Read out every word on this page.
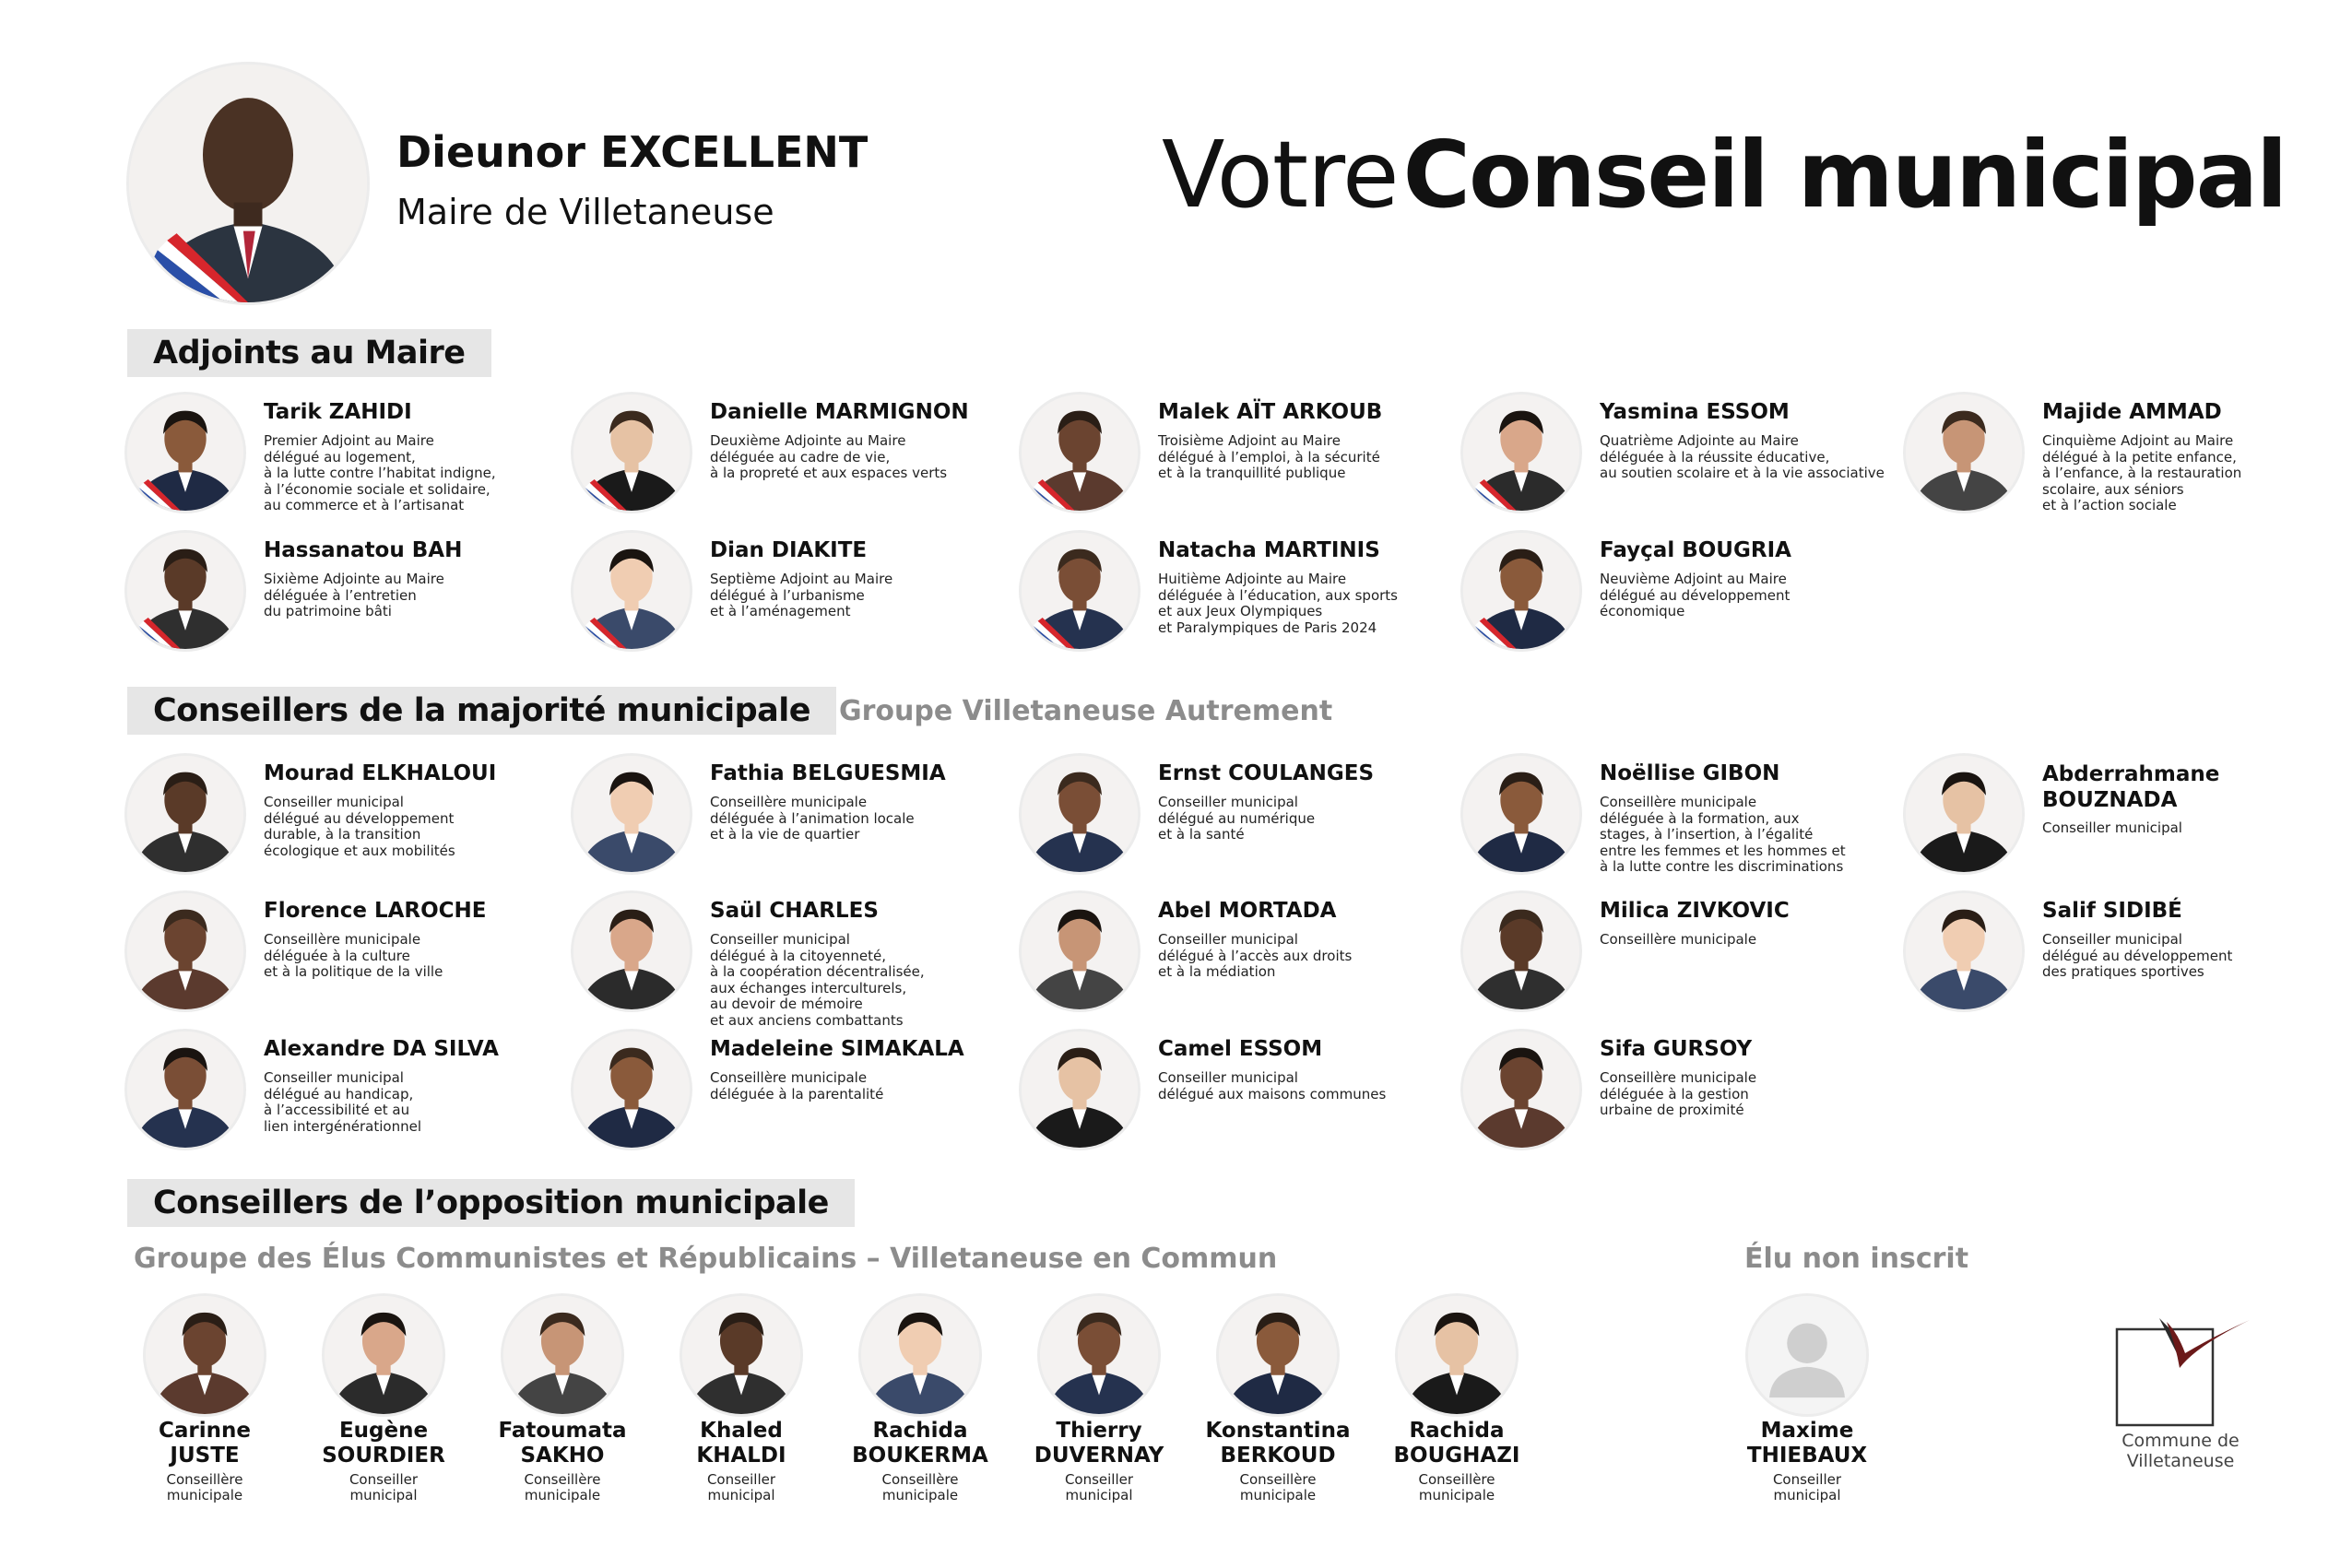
Dieunor EXCELLENT
Maire de Villetaneuse	Votre Conseil municipal
Adjoints au Maire
Conseillers de la majorité municipale	Groupe Villetaneuse Autrement
Conseillers de l’opposition municipale
Groupe des Élus Communistes et Républicains – Villetaneuse en Commun	Élu non inscrit
Tarik ZAHIDI
Premier Adjoint au Maire
délégué au logement,
à la lutte contre l’habitat indigne,
à l’économie sociale et solidaire,
au commerce et à l’artisanat
Danielle MARMIGNON
Deuxième Adjointe au Maire
déléguée au cadre de vie,
à la propreté et aux espaces verts
Malek AÏT ARKOUB
Troisième Adjoint au Maire
délégué à l’emploi, à la sécurité
et à la tranquillité publique
Yasmina ESSOM
Quatrième Adjointe au Maire
déléguée à la réussite éducative,
au soutien scolaire et à la vie associative
Majide AMMAD
Cinquième Adjoint au Maire
délégué à la petite enfance,
à l’enfance, à la restauration
scolaire, aux séniors
et à l’action sociale
Hassanatou BAH
Sixième Adjointe au Maire
déléguée à l’entretien
du patrimoine bâti
Dian DIAKITE
Septième Adjoint au Maire
délégué à l’urbanisme
et à l’aménagement
Natacha MARTINIS
Huitième Adjointe au Maire
déléguée à l’éducation, aux sports
et aux Jeux Olympiques
et Paralympiques de Paris 2024
Fayçal BOUGRIA
Neuvième Adjoint au Maire
délégué au développement
économique
Mourad ELKHALOUI
Conseiller municipal
délégué au développement
durable, à la transition
écologique et aux mobilités
Fathia BELGUESMIA
Conseillère municipale
déléguée à l’animation locale
et à la vie de quartier
Ernst COULANGES
Conseiller municipal
délégué au numérique
et à la santé
Noëllise GIBON
Conseillère municipale
déléguée à la formation, aux
stages, à l’insertion, à l’égalité
entre les femmes et les hommes et
à la lutte contre les discriminations
Abderrahmane
BOUZNADA
Conseiller municipal
Florence LAROCHE
Conseillère municipale
déléguée à la culture
et à la politique de la ville
Saül CHARLES
Conseiller municipal
délégué à la citoyenneté,
à la coopération décentralisée,
aux échanges interculturels,
au devoir de mémoire
et aux anciens combattants
Abel MORTADA
Conseiller municipal
délégué à l’accès aux droits
et à la médiation
Milica ZIVKOVIC
Conseillère municipale
Salif SIDIBÉ
Conseiller municipal
délégué au développement
des pratiques sportives
Alexandre DA SILVA
Conseiller municipal
délégué au handicap,
à l’accessibilité et au
lien intergénérationnel
Madeleine SIMAKALA
Conseillère municipale
déléguée à la parentalité
Camel ESSOM
Conseiller municipal
délégué aux maisons communes
Sifa GURSOY
Conseillère municipale
déléguée à la gestion
urbaine de proximité
Carinne
JUSTE
Conseillère
municipale
Eugène
SOURDIER
Conseiller
municipal
Fatoumata
SAKHO
Conseillère
municipale
Khaled
KHALDI
Conseiller
municipal
Rachida
BOUKERMA
Conseillère
municipale
Thierry
DUVERNAY
Conseiller
municipal
Konstantina
BERKOUD
Conseillère
municipale
Rachida
BOUGHAZI
Conseillère
municipale
Maxime
THIEBAUX
Conseiller
municipal
Commune de
Villetaneuse
